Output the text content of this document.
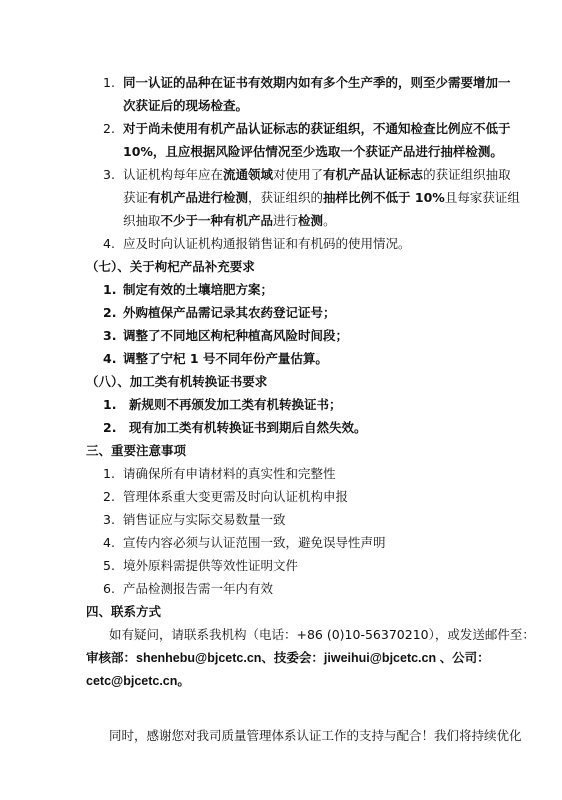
1. 同一认证的品种在证书有效期内如有多个生产季的，则至少需要增加一
次获证后的现场检查。
2. 对于尚未使用有机产品认证标志的获证组织，不通知检查比例应不低于
10%，且应根据风险评估情况至少选取一个获证产品进行抽样检测。
3. 认证机构每年应在流通领域对使用了有机产品认证标志的获证组织抽取
获证有机产品进行检测，获证组织的抽样比例不低于 10%且每家获证组
织抽取不少于一种有机产品进行检测。
4. 应及时向认证机构通报销售证和有机码的使用情况。
（七）、关于枸杞产品补充要求
1. 制定有效的土壤培肥方案；
2. 外购植保产品需记录其农药登记证号；
3. 调整了不同地区枸杞种植高风险时间段；
4. 调整了宁杞 1 号不同年份产量估算。
（八）、加工类有机转换证书要求
1. 新规则不再颁发加工类有机转换证书；
2. 现有加工类有机转换证书到期后自然失效。
三、重要注意事项
1. 请确保所有申请材料的真实性和完整性
2. 管理体系重大变更需及时向认证机构申报
3. 销售证应与实际交易数量一致
4. 宣传内容必须与认证范围一致，避免误导性声明
5. 境外原料需提供等效性证明文件
6. 产品检测报告需一年内有效
四、联系方式
如有疑问，请联系我机构（电话：+86 (0)10-56370210），或发送邮件至：
审核部：shenhebu@bjcetc.cn、技委会：jiweihui@bjcetc.cn 、公司：
cetc@bjcetc.cn。
同时，感谢您对我司质量管理体系认证工作的支持与配合！我们将持续优化
